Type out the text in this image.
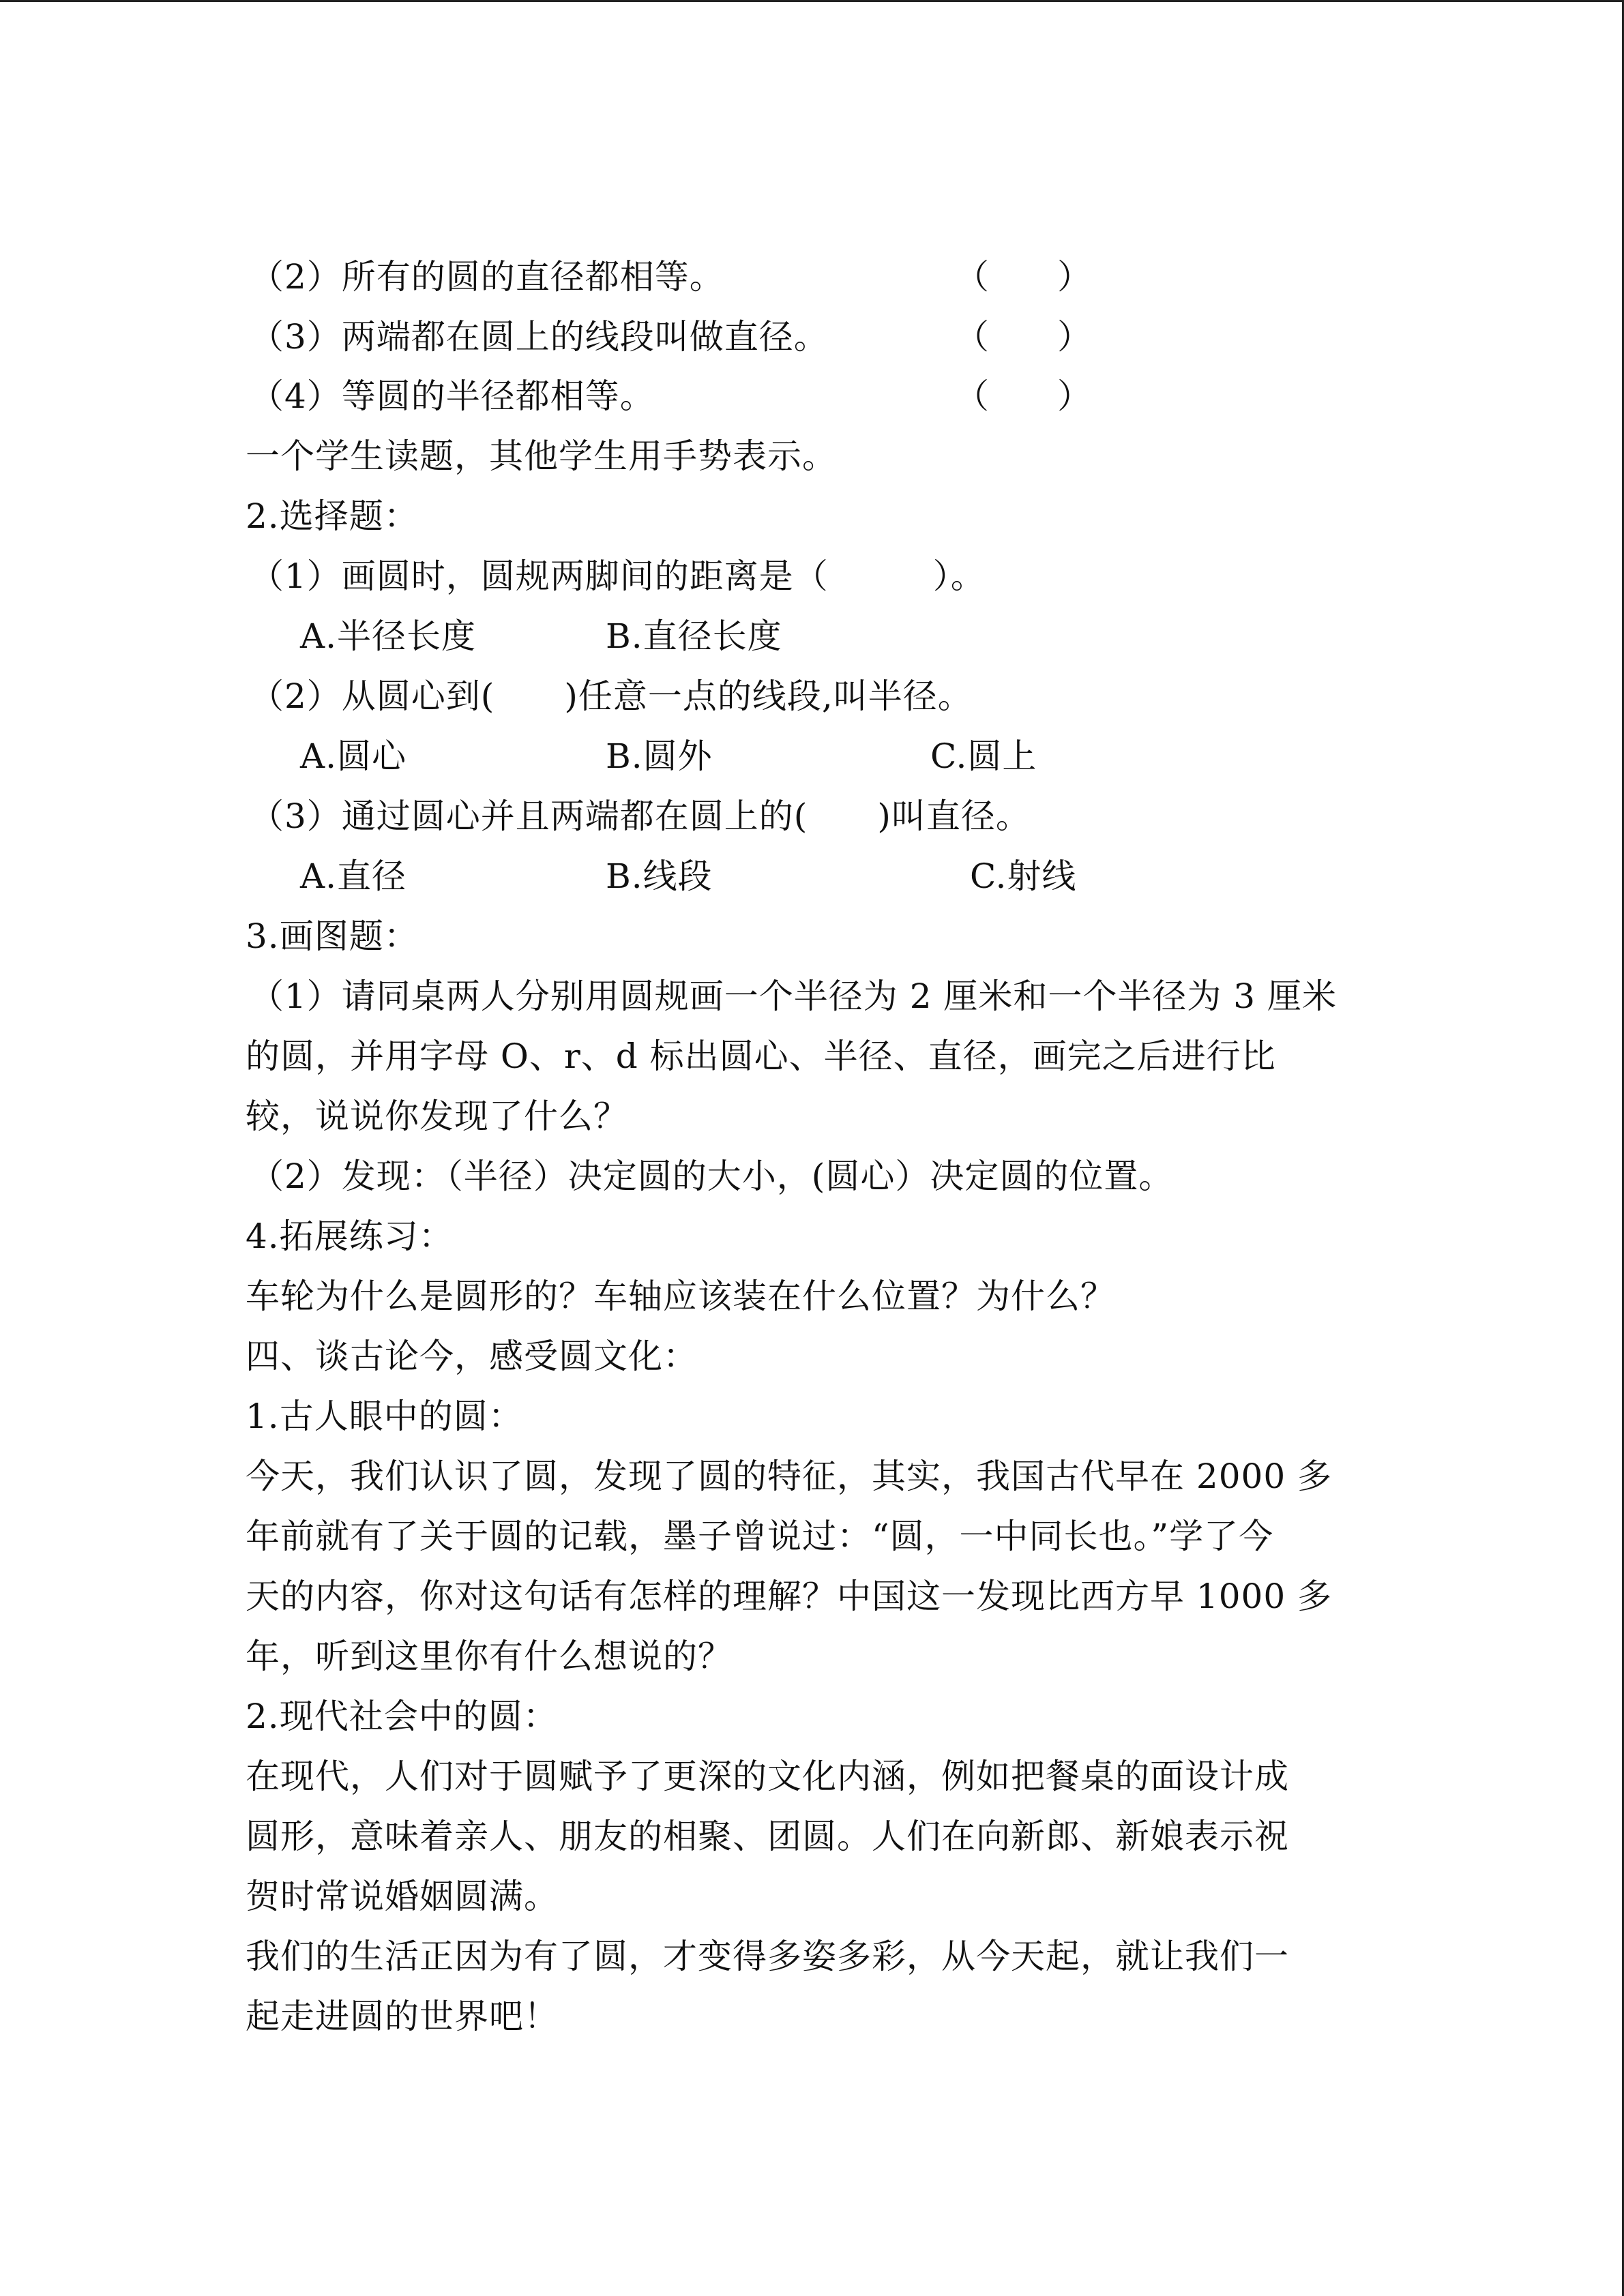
（2）所有的圆的直径都相等。	（　　）
（3）两端都在圆上的线段叫做直径。	（　　）
（4）等圆的半径都相等。	（　　）
一个学生读题，其他学生用手势表示。
2.选择题：
（1）画圆时，圆规两脚间的距离是（　　　）。
A.半径长度	B.直径长度
（2）从圆心到(　　)任意一点的线段,叫半径。
A.圆心	B.圆外	C.圆上
（3）通过圆心并且两端都在圆上的(　　)叫直径。
A.直径	B.线段	C.射线
3.画图题：
（1）请同桌两人分别用圆规画一个半径为 2 厘米和一个半径为 3 厘米
的圆，并用字母 O、r、d 标出圆心、半径、直径，画完之后进行比
较，说说你发现了什么？
（2）发现：（半径）决定圆的大小，(圆心）决定圆的位置。
4.拓展练习：
车轮为什么是圆形的？车轴应该装在什么位置？为什么？
四、谈古论今，感受圆文化：
1.古人眼中的圆：
今天，我们认识了圆，发现了圆的特征，其实，我国古代早在 2000 多
年前就有了关于圆的记载，墨子曾说过：“圆，一中同长也。”学了今
天的内容，你对这句话有怎样的理解？中国这一发现比西方早 1000 多
年，听到这里你有什么想说的？
2.现代社会中的圆：
在现代，人们对于圆赋予了更深的文化内涵，例如把餐桌的面设计成
圆形，意味着亲人、朋友的相聚、团圆。人们在向新郎、新娘表示祝
贺时常说婚姻圆满。
我们的生活正因为有了圆，才变得多姿多彩，从今天起，就让我们一
起走进圆的世界吧！
